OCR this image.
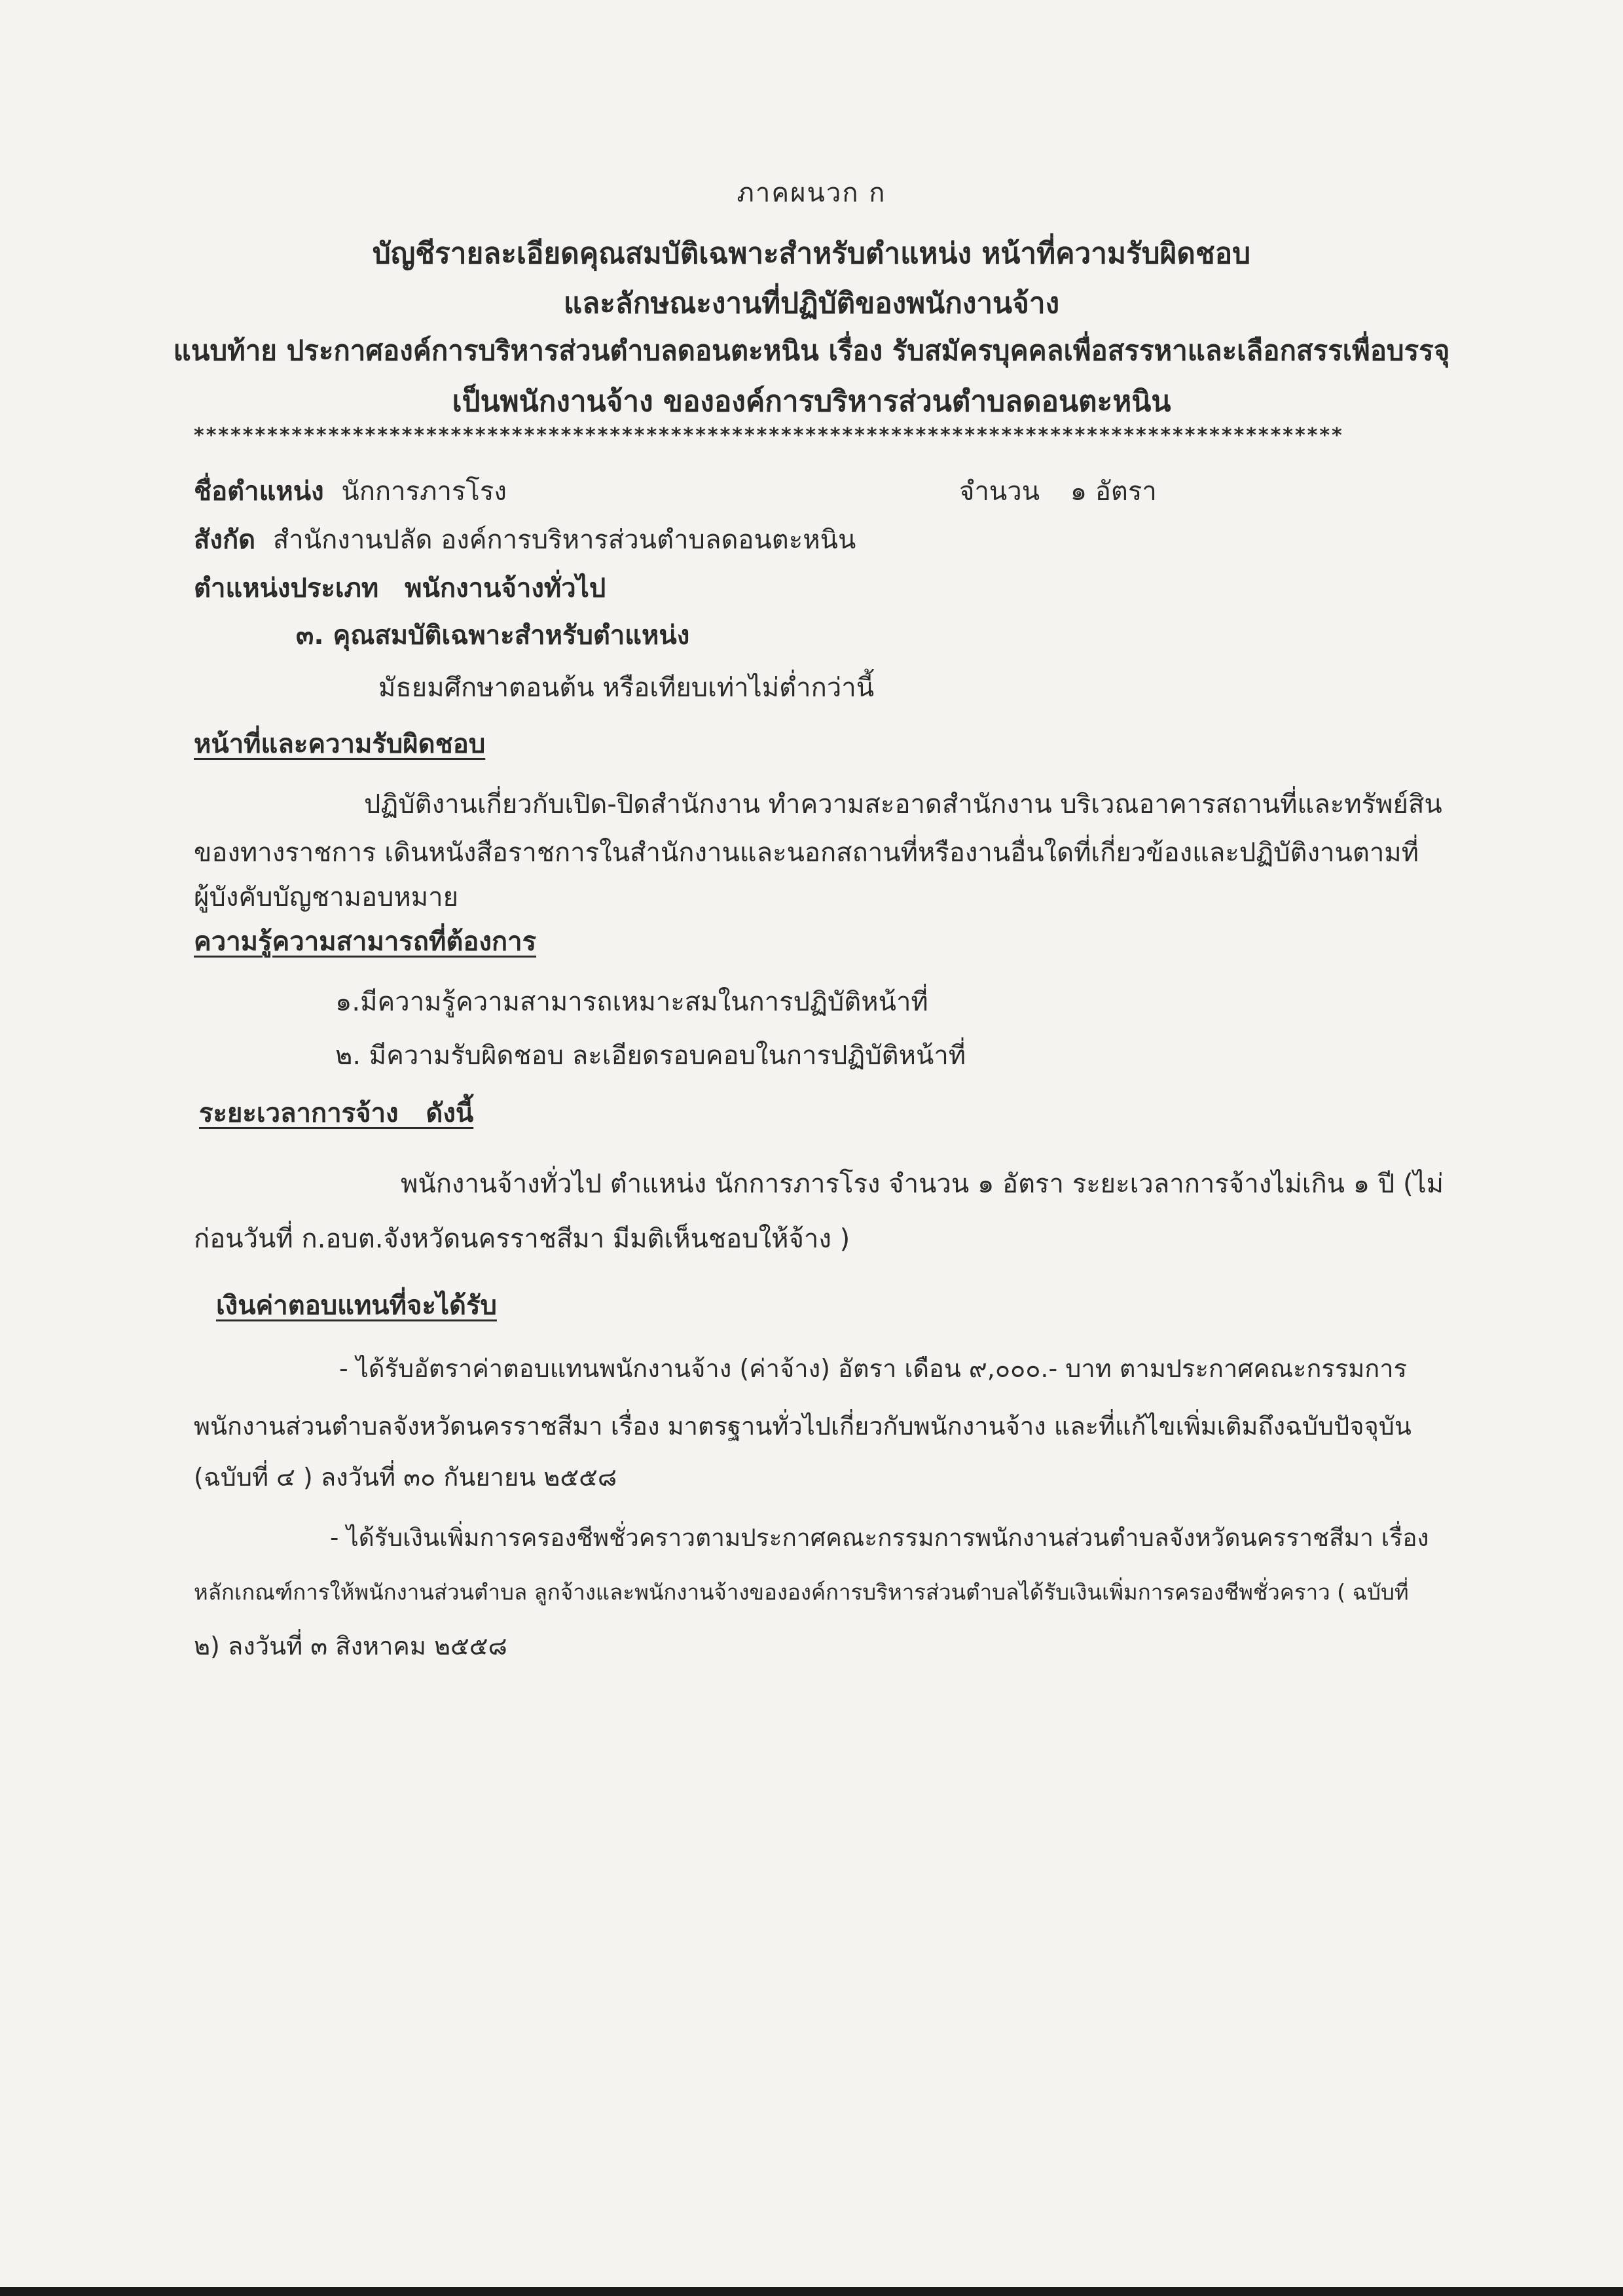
ภาคผนวก ก
บัญชีรายละเอียดคุณสมบัติเฉพาะสำหรับตำแหน่ง หน้าที่ความรับผิดชอบ
และลักษณะงานที่ปฏิบัติของพนักงานจ้าง
แนบท้าย ประกาศองค์การบริหารส่วนตำบลดอนตะหนิน เรื่อง รับสมัครบุคคลเพื่อสรรหาและเลือกสรรเพื่อบรรจุ
เป็นพนักงานจ้าง ขององค์การบริหารส่วนตำบลดอนตะหนิน
**********************************************************************************************
ชื่อตำแหน่ง นักการภารโรง	จำนวน ๑ อัตรา
สังกัด สำนักงานปลัด องค์การบริหารส่วนตำบลดอนตะหนิน
ตำแหน่งประเภท พนักงานจ้างทั่วไป
๓. คุณสมบัติเฉพาะสำหรับตำแหน่ง
มัธยมศึกษาตอนต้น หรือเทียบเท่าไม่ต่ำกว่านี้
หน้าที่และความรับผิดชอบ
ปฏิบัติงานเกี่ยวกับเปิด-ปิดสำนักงาน ทำความสะอาดสำนักงาน บริเวณอาคารสถานที่และทรัพย์สิน
ของทางราชการ เดินหนังสือราชการในสำนักงานและนอกสถานที่หรืองานอื่นใดที่เกี่ยวข้องและปฏิบัติงานตามที่
ผู้บังคับบัญชามอบหมาย
ความรู้ความสามารถที่ต้องการ
๑.มีความรู้ความสามารถเหมาะสมในการปฏิบัติหน้าที่
๒. มีความรับผิดชอบ ละเอียดรอบคอบในการปฏิบัติหน้าที่
ระยะเวลาการจ้าง   ดังนี้
พนักงานจ้างทั่วไป ตำแหน่ง นักการภารโรง จำนวน ๑ อัตรา ระยะเวลาการจ้างไม่เกิน ๑ ปี (ไม่
ก่อนวันที่ ก.อบต.จังหวัดนครราชสีมา มีมติเห็นชอบให้จ้าง )
เงินค่าตอบแทนที่จะได้รับ
- ได้รับอัตราค่าตอบแทนพนักงานจ้าง (ค่าจ้าง) อัตรา เดือน ๙,๐๐๐.- บาท ตามประกาศคณะกรรมการ
พนักงานส่วนตำบลจังหวัดนครราชสีมา เรื่อง มาตรฐานทั่วไปเกี่ยวกับพนักงานจ้าง และที่แก้ไขเพิ่มเติมถึงฉบับปัจจุบัน
(ฉบับที่ ๔ ) ลงวันที่ ๓๐ กันยายน ๒๕๕๘
- ได้รับเงินเพิ่มการครองชีพชั่วคราวตามประกาศคณะกรรมการพนักงานส่วนตำบลจังหวัดนครราชสีมา เรื่อง
หลักเกณฑ์การให้พนักงานส่วนตำบล ลูกจ้างและพนักงานจ้างขององค์การบริหารส่วนตำบลได้รับเงินเพิ่มการครองชีพชั่วคราว ( ฉบับที่
๒) ลงวันที่ ๓ สิงหาคม ๒๕๕๘
